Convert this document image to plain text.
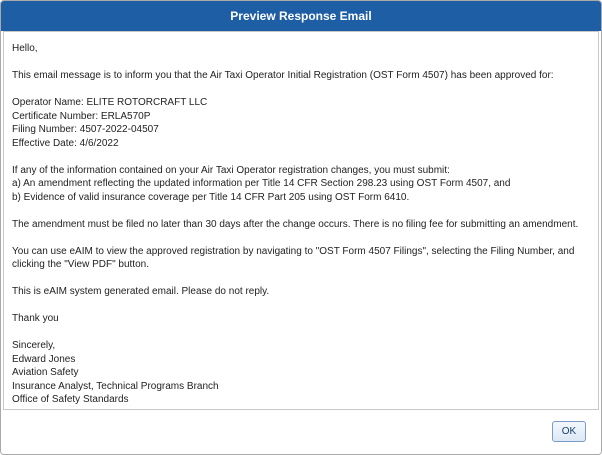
Preview Response Email

Hello,

This email message is to inform you that the Air Taxi Operator Initial Registration (OST Form 4507) has been approved for:

Operator Name: ELITE ROTORCRAFT LLC
Certificate Number: ERLA570P
Filing Number: 4507-2022-04507
Effective Date: 4/6/2022

If any of the information contained on your Air Taxi Operator registration changes, you must submit:
a) An amendment reflecting the updated information per Title 14 CFR Section 298.23 using OST Form 4507, and
b) Evidence of valid insurance coverage per Title 14 CFR Part 205 using OST Form 6410.

The amendment must be filed no later than 30 days after the change occurs. There is no filing fee for submitting an amendment.

You can use eAIM to view the approved registration by navigating to "OST Form 4507 Filings", selecting the Filing Number, and clicking the "View PDF" button.

This is eAIM system generated email. Please do not reply.

Thank you

Sincerely,
Edward Jones
Aviation Safety
Insurance Analyst, Technical Programs Branch
Office of Safety Standards

OK
